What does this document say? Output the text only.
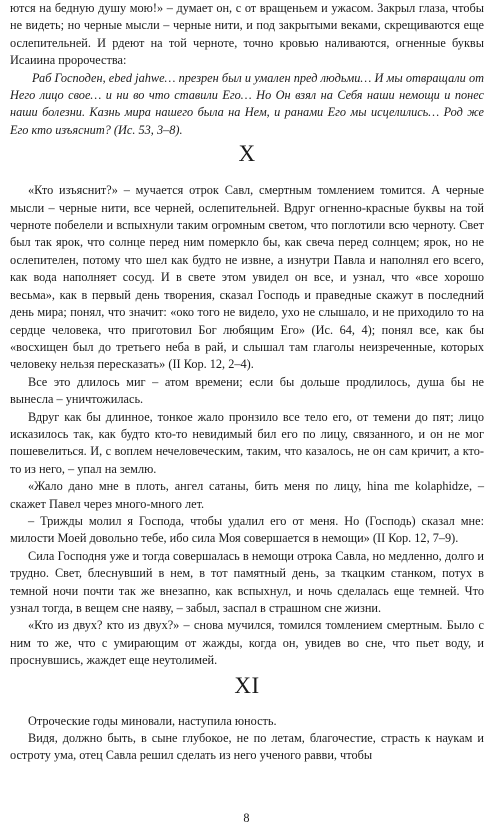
ются на бедную душу мою!» – думает он, с от вращеньем и ужасом. Закрыл глаза, чтобы не видеть; но черные мысли – черные нити, и под закрытыми веками, скрещиваются еще ослепительней. И рдеют на той черноте, точно кровью наливаются, огненные буквы Исаиина пророчества:

Раб Господен, ebed jahwe… презрен был и умален пред людьми… И мы отвращали от Него лицо свое… и ни во что ставили Его… Но Он взял на Себя наши немощи и понес наши болезни. Казнь мира нашего была на Нем, и ранами Его мы исцелились… Род же Его кто изъяснит? (Ис. 53, 3–8).

X

«Кто изъяснит?» – мучается отрок Савл, смертным томлением томится. А черные мысли – черные нити, все черней, ослепительней. Вдруг огненно-красные буквы на той черноте побелели и вспыхнули таким огромным светом, что поглотили всю черноту. Свет был так ярок, что солнце перед ним померкло бы, как свеча перед солнцем; ярок, но не ослепителен, потому что шел как будто не извне, а изнутри Павла и наполнял его всего, как вода наполняет сосуд. И в свете этом увидел он все, и узнал, что «все хорошо весьма», как в первый день творения, сказал Господь и праведные скажут в последний день мира; понял, что значит: «око того не видело, ухо не слышало, и не приходило то на сердце человека, что приготовил Бог любящим Его» (Ис. 64, 4); понял все, как бы «восхищен был до третьего неба в рай, и слышал там глаголы неизреченные, которых человеку нельзя пересказать» (II Кор. 12, 2–4).

Все это длилось миг – атом времени; если бы дольше продлилось, душа бы не вынесла – уничтожилась.

Вдруг как бы длинное, тонкое жало пронзило все тело его, от темени до пят; лицо исказилось так, как будто кто-то невидимый бил его по лицу, связанного, и он не мог пошевелиться. И, с воплем нечеловеческим, таким, что казалось, не он сам кричит, а кто-то из него, – упал на землю.

«Жало дано мне в плоть, ангел сатаны, бить меня по лицу, hina me kolaphidze, – скажет Павел через много-много лет.

– Трижды молил я Господа, чтобы удалил его от меня. Но (Господь) сказал мне: милости Моей довольно тебе, ибо сила Моя совершается в немощи» (II Кор. 12, 7–9).

Сила Господня уже и тогда совершалась в немощи отрока Савла, но медленно, долго и трудно. Свет, блеснувший в нем, в тот памятный день, за ткацким станком, потух в темной ночи почти так же внезапно, как вспыхнул, и ночь сделалась еще темней. Что узнал тогда, в вещем сне наяву, – забыл, заспал в страшном сне жизни.

«Кто из двух? кто из двух?» – снова мучился, томился томлением смертным. Было с ним то же, что с умирающим от жажды, когда он, увидев во сне, что пьет воду, и проснувшись, жаждет еще неутолимей.

XI

Отроческие годы миновали, наступила юность.

Видя, должно быть, в сыне глубокое, не по летам, благочестие, страсть к наукам и остроту ума, отец Савла решил сделать из него ученого равви, чтобы

8
